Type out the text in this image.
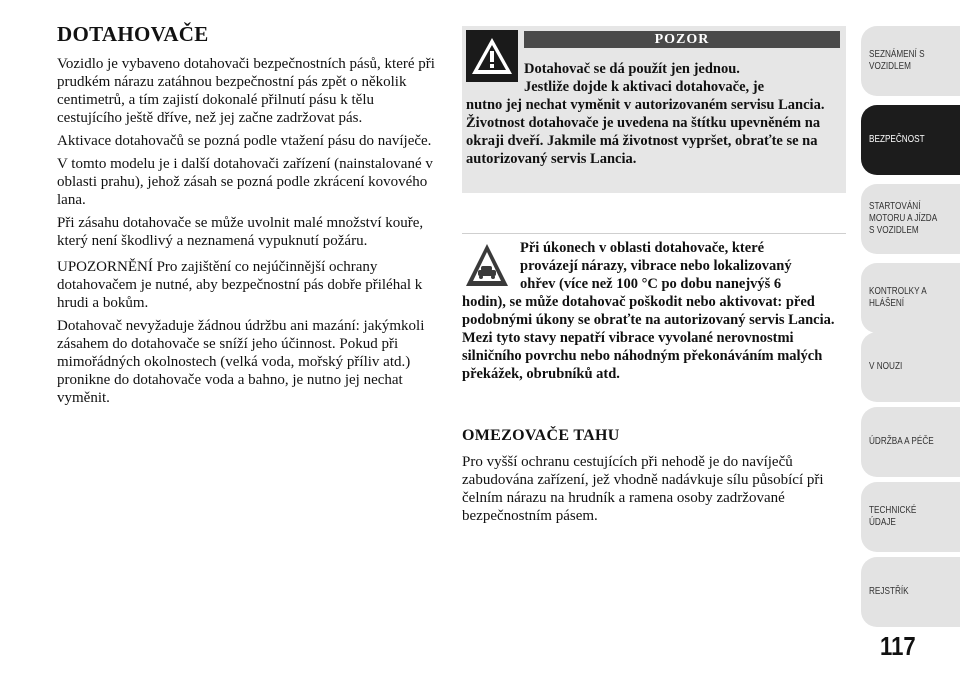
DOTAHOVAČE

Vozidlo je vybaveno dotahovači bezpečnostních pásů, které při prudkém nárazu zatáhnou bezpečnostní pás zpět o několik centimetrů, a tím zajistí dokonalé přilnutí pásu k tělu cestujícího ještě dříve, než jej začne zadržovat pás.

Aktivace dotahovačů se pozná podle vtažení pásu do navíječe.

V tomto modelu je i další dotahovači zařízení (nainstalované v oblasti prahu), jehož zásah se pozná podle zkrácení kovového lana.

Při zásahu dotahovače se může uvolnit malé množství kouře, který není škodlivý a neznamená vypuknutí požáru.

UPOZORNĚNÍ Pro zajištění co nejúčinnější ochrany dotahovačem je nutné, aby bezpečnostní pás dobře přiléhal k hrudi a bokům.

Dotahovač nevyžaduje žádnou údržbu ani mazání: jakýmkoli zásahem do dotahovače se sníží jeho účinnost. Pokud při mimořádných okolnostech (velká voda, mořský příliv atd.) pronikne do dotahovače voda a bahno, je nutno jej nechat vyměnit.

POZOR
Dotahovač se dá použít jen jednou.
Jestliže dojde k aktivaci dotahovače, je
nutno jej nechat vyměnit v autorizovaném servisu Lancia. Životnost dotahovače je uvedena na štítku upevněném na okraji dveří. Jakmile má životnost vypršet, obraťte se na autorizovaný servis Lancia.
Při úkonech v oblasti dotahovače, které
provázejí nárazy, vibrace nebo lokalizovaný
ohřev (více než 100 °C po dobu nanejvýš 6
hodin), se může dotahovač poškodit nebo aktivovat: před podobnými úkony se obraťte na autorizovaný servis Lancia. Mezi tyto stavy nepatří vibrace vyvolané nerovnostmi silničního povrchu nebo náhodným překonáváním malých překážek, obrubníků atd.
OMEZOVAČE TAHU
Pro vyšší ochranu cestujících při nehodě je do navíječů zabudována zařízení, jež vhodně nadávkuje sílu působící při čelním nárazu na hrudník a ramena osoby zadržované bezpečnostním pásem.
SEZNÁMENÍ S
VOZIDLEM
BEZPEČNOST
STARTOVÁNÍ
MOTORU A JÍZDA
S VOZIDLEM
KONTROLKY A
HLÁŠENÍ
V NOUZI
ÚDRŽBA A PÉČE
TECHNICKÉ
ÚDAJE
REJSTŘÍK
117
